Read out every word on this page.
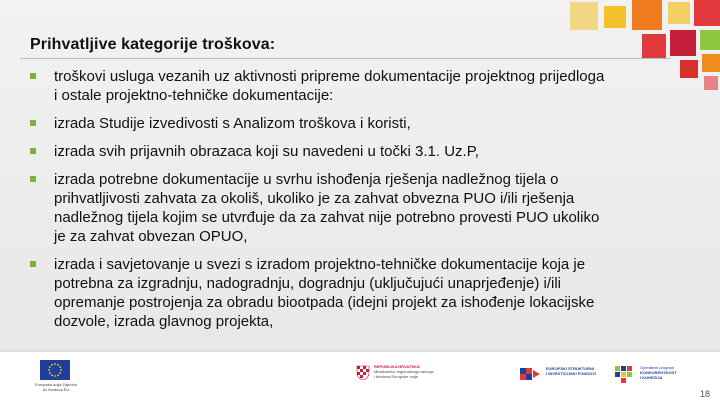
Prihvatljive kategorije troškova:
troškovi usluga vezanih uz aktivnosti pripreme dokumentacije projektnog prijedloga
i ostale projektno-tehničke dokumentacije:
izrada Studije izvedivosti s Analizom troškova i koristi,
izrada svih prijavnih obrazaca koji su navedeni u točki 3.1. Uz.P,
izrada potrebne dokumentacije u svrhu ishođenja rješenja nadležnog tijela o
prihvatljivosti zahvata za okoliš, ukoliko je za zahvat obvezna PUO i/ili rješenja
nadležnog tijela kojim se utvrđuje da za zahvat nije potrebno provesti PUO ukoliko
je za zahvat obvezan OPUO,
izrada i savjetovanje u svezi s izradom projektno-tehničke dokumentacije koja je
potrebna za izgradnju, nadogradnju, dogradnju (uključujući unaprjeđenje) i/ili
opremanje postrojenja za obradu biootpada (idejni projekt za ishođenje lokacijske
dozvole, izrada glavnog projekta,
Europska unija Zajedno do fondova EU
REPUBLIKA HRVATSKA
Ministarstvo regionalnoga razvoja
i fondova Europske unije
EUROPSKI STRUKTURNI
I INVESTICIJSKI FONDOVI
Operativni program
KONKURENTNOST
I KOHEZIJA
18
